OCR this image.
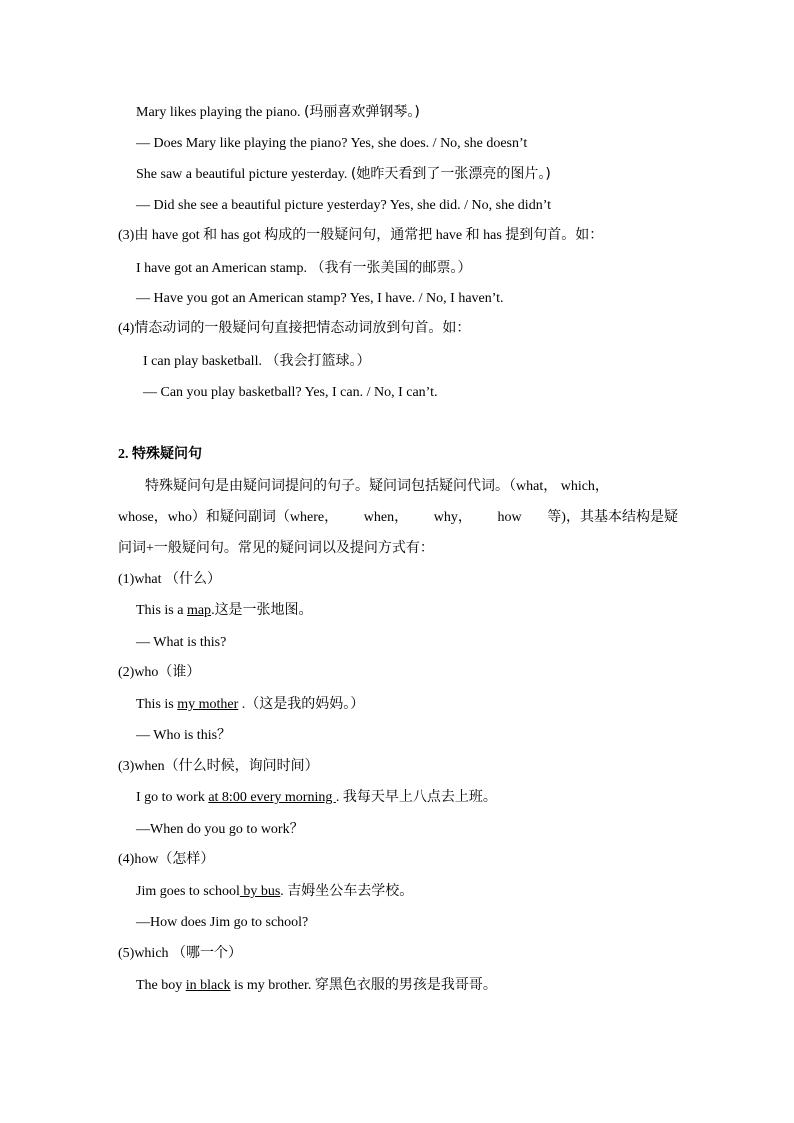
Mary likes playing the piano. (玛丽喜欢弹钢琴。)
— Does Mary like playing the piano? Yes, she does. / No, she doesn’t
She saw a beautiful picture yesterday. (她昨天看到了一张漂亮的图片。)
— Did she see a beautiful picture yesterday? Yes, she did. / No, she didn’t
(3)由 have got 和 has got 构成的一般疑问句，通常把 have 和 has 提到句首。如：
I have got an American stamp. （我有一张美国的邮票。）
— Have you got an American stamp? Yes, I have. / No, I haven’t.
(4)情态动词的一般疑问句直接把情态动词放到句首。如：
I can play basketball. （我会打篮球。）
— Can you play basketball? Yes, I can. / No, I can’t.
2. 特殊疑问句
特殊疑问句是由疑问词提问的句子。疑问词包括疑问代词。（what， which，
whose，who）和疑问副词（where， when， why， how 等)，其基本结构是疑
问词+一般疑问句。常见的疑问词以及提问方式有：
(1)what （什么）
This is a map.这是一张地图。
— What is this?
(2)who（谁）
This is my mother .（这是我的妈妈。）
— Who is this？
(3)when（什么时候，询问时间）
I go to work at 8:00 every morning . 我每天早上八点去上班。
—When do you go to work？
(4)how（怎样）
Jim goes to school by bus. 吉姆坐公车去学校。
—How does Jim go to school?
(5)which （哪一个）
The boy in black is my brother. 穿黑色衣服的男孩是我哥哥。
